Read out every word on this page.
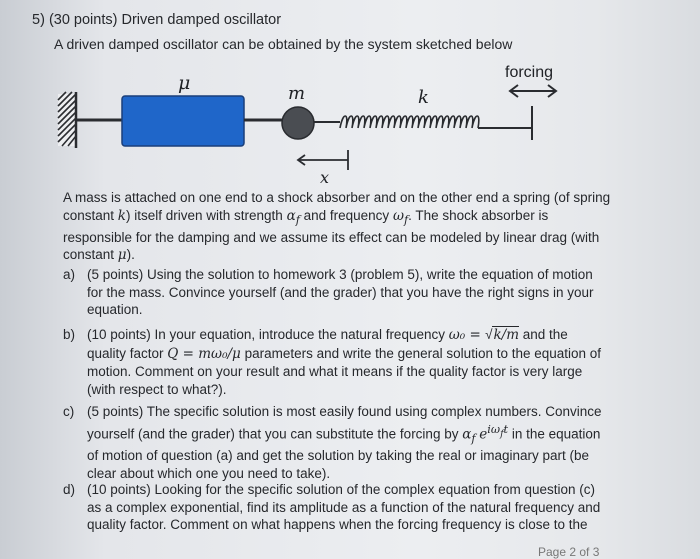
5) (30 points) Driven damped oscillator
A driven damped oscillator can be obtained by the system sketched below
μ	m	k
forcing
x

A mass is attached on one end to a shock absorber and on the other end a spring (of spring

constant k) itself driven with strength $\alpha_f$ and frequency $\omega_f$. The shock absorber is

responsible for the damping and we assume its effect can be modeled by linear drag (with

constant μ).

a) (5 points) Using the solution to homework 3 (problem 5), write the equation of motion for the mass. Convince yourself (and the grader) that you have the right signs in your equation.
b) (10 points) In your equation, introduce the natural frequency ω₀ = √k/m and the quality factor Q = mω₀/μ parameters and write the general solution to the equation of motion. Comment on your result and what it means if the quality factor is very large (with respect to what?).
c) (5 points) The specific solution is most easily found using complex numbers. Convince yourself (and the grader) that you can substitute the forcing by $\alpha_f$ $e^{i\omega_ft}$ in the equation of motion of question (a) and get the solution by taking the real or imaginary part (be clear about which one you need to take).
d) (10 points) Looking for the specific solution of the complex equation from question (c) as a complex exponential, find its amplitude as a function of the natural frequency and quality factor. Comment on what happens when the forcing frequency is close to the
Page 2 of 3
